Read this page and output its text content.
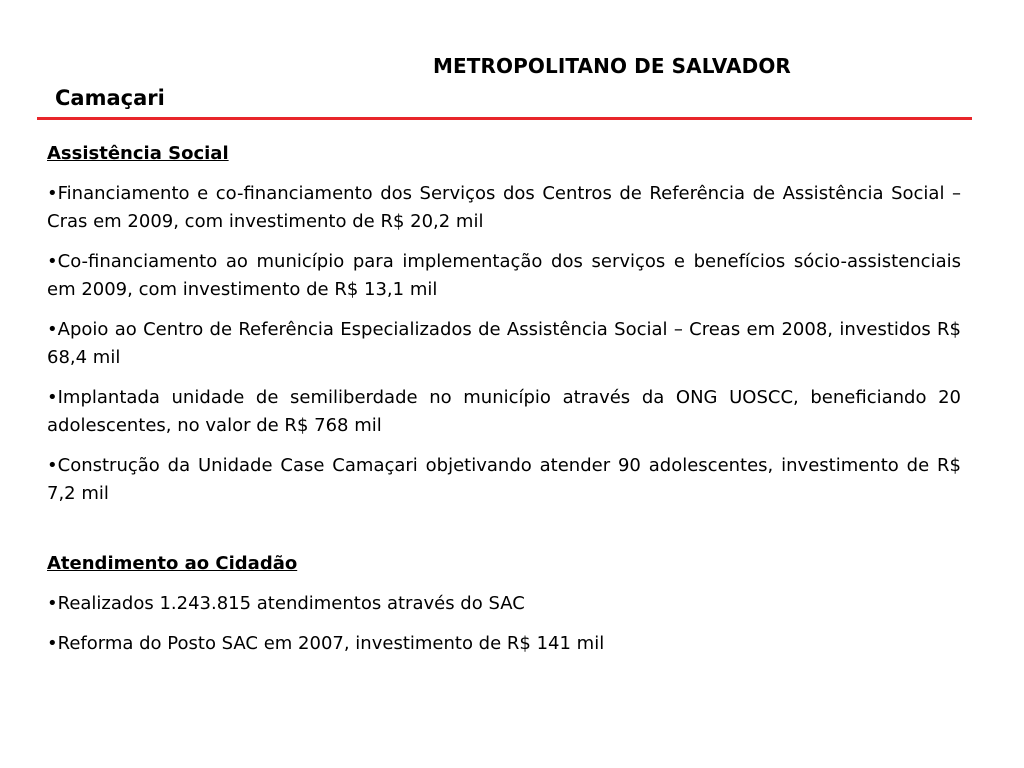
METROPOLITANO DE SALVADOR
Camaçari
Assistência Social
•Financiamento e co-financiamento dos Serviços dos Centros de Referência de Assistência Social – Cras em 2009, com investimento de R$ 20,2 mil
•Co-financiamento ao município para implementação dos serviços e benefícios sócio-assistenciais em 2009, com investimento de R$ 13,1 mil
•Apoio ao Centro de Referência Especializados de Assistência Social – Creas em 2008, investidos R$ 68,4 mil
•Implantada unidade de semiliberdade no município através da ONG UOSCC, beneficiando 20 adolescentes, no valor de R$ 768 mil
•Construção da Unidade Case Camaçari objetivando atender 90 adolescentes, investimento de R$ 7,2 mil
Atendimento ao Cidadão
•Realizados 1.243.815 atendimentos através do SAC
•Reforma do Posto SAC em 2007, investimento de R$ 141 mil
